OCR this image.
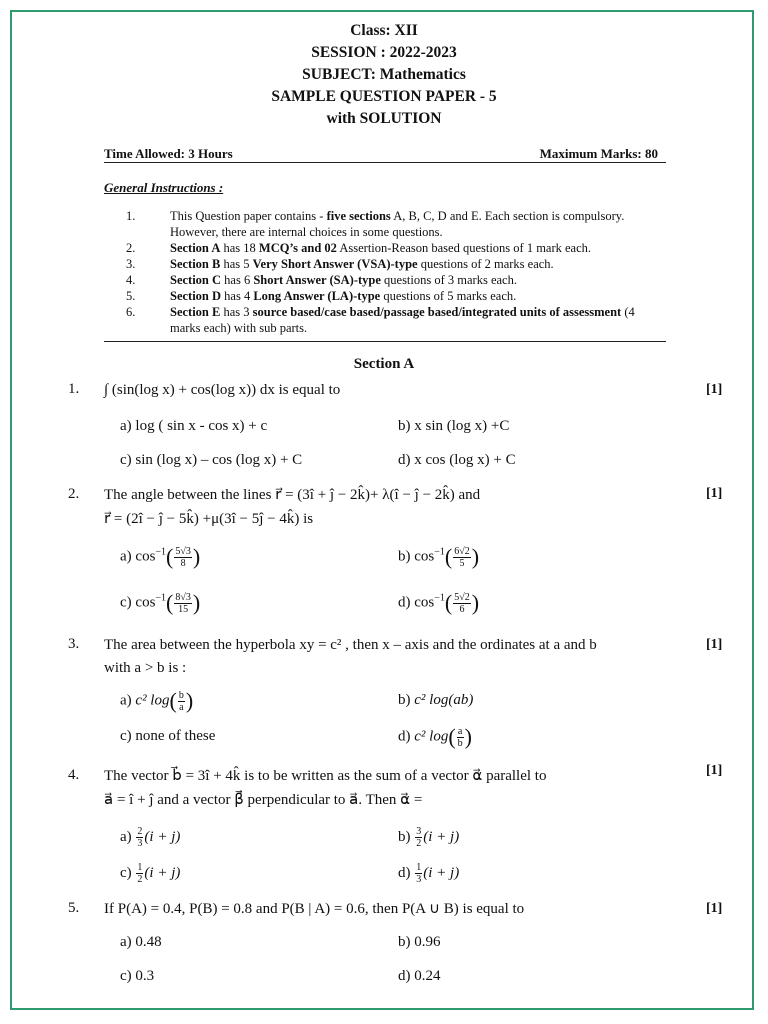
Class: XII
SESSION : 2022-2023
SUBJECT: Mathematics
SAMPLE QUESTION PAPER - 5
with SOLUTION
Time Allowed: 3 Hours	Maximum Marks: 80
General Instructions :
1.	This Question paper contains - five sections A, B, C, D and E. Each section is compulsory. However, there are internal choices in some questions.
2.	Section A has 18 MCQ’s and 02 Assertion-Reason based questions of 1 mark each.
3.	Section B has 5 Very Short Answer (VSA)-type questions of 2 marks each.
4.	Section C has 6 Short Answer (SA)-type questions of 3 marks each.
5.	Section D has 4 Long Answer (LA)-type questions of 5 marks each.
6.	Section E has 3 source based/case based/passage based/integrated units of assessment (4 marks each) with sub parts.
Section A
1. ∫ (sin(log x) + cos(log x)) dx is equal to	[1]
a) log ( sin x - cos x) + c	b) x sin (log x) +C
c) sin (log x) – cos (log x) + C	d) x cos (log x) + C
2. The angle between the lines r⃗ = (3î + ĵ − 2k̂)+ λ(î − ĵ − 2k̂) and
r⃗ = (2î − ĵ − 5k̂) +μ(3î − 5ĵ − 4k̂) is
[1]
a) $\cos^{-1}( \frac{5√3}{8}$ )	b) $\cos^{-1}( \frac{6√2}{5}$ )
c) $\cos^{-1}( \frac{8√3}{15}$ )	d) $\cos^{-1}( \frac{5√2}{6}$ )
3. The area between the hyperbola xy = c² , then x – axis and the ordinates at a and b
with a > b is :
[1]
a) c² $\log( \frac{b}{a}$ )	b) c² log(ab)
c) none of these	d) c² $\log( \frac{a}{b}$ )
4. The vector b⃗ = 3î + 4k̂ is to be written as the sum of a vector α⃗ parallel to
a⃗ = î + ĵ and a vector β⃗ perpendicular to a⃗. Then α⃗ =
[1]
$a) \frac{2}{3} (i + j)$	$b) \frac{3}{2} (i + j)$
$c) \frac{1}{2} (i + j)$	$d) \frac{1}{3} (i + j)$
5. If P(A) = 0.4, P(B) = 0.8 and P(B | A) = 0.6, then P(A ∪ B) is equal to	[1]
a) 0.48	b) 0.96
c) 0.3	d) 0.24
